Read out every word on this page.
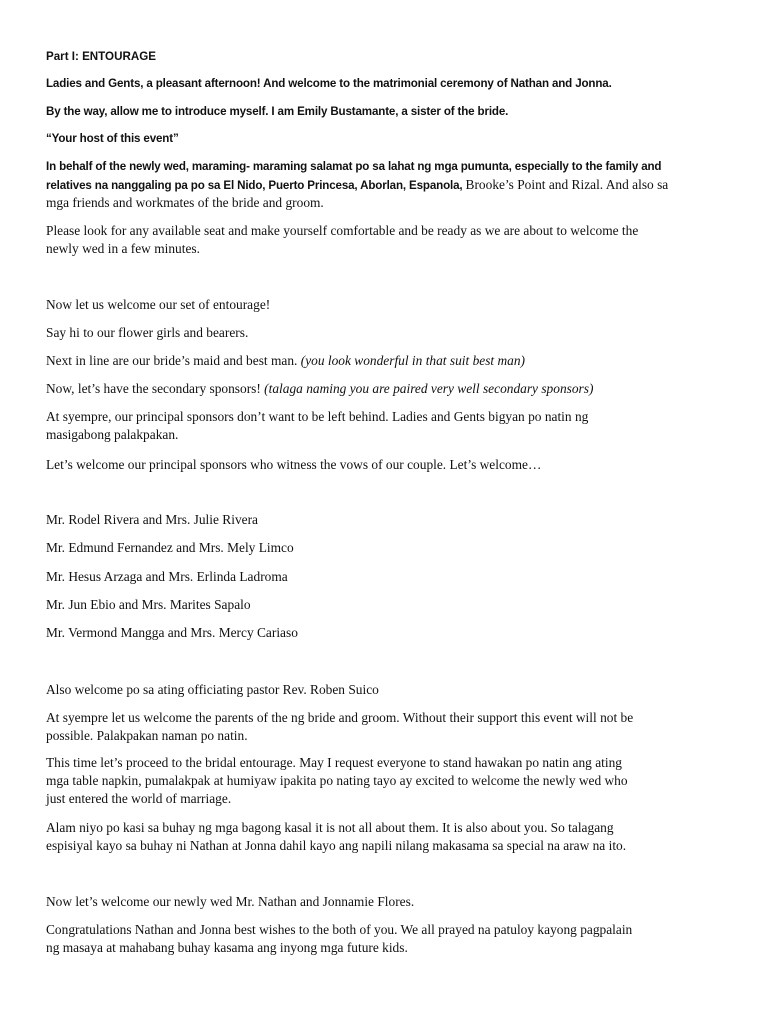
Part I: ENTOURAGE

Ladies and Gents, a pleasant afternoon! And welcome to the matrimonial ceremony of Nathan and Jonna.

By the way, allow me to introduce myself. I am Emily Bustamante, a sister of the bride.

“Your host of this event”

In behalf of the newly wed, maraming- maraming salamat po sa lahat ng mga pumunta, especially to the family and

relatives na nanggaling pa po sa El Nido, Puerto Princesa, Aborlan, Espanola, Brooke’s Point and Rizal. And also sa

mga friends and workmates of the bride and groom.

Please look for any available seat and make yourself comfortable and be ready as we are about to welcome the

newly wed in a few minutes.

Now let us welcome our set of entourage!

Say hi to our flower girls and bearers.

Next in line are our bride’s maid and best man. (you look wonderful in that suit best man)

Now, let’s have the secondary sponsors! (talaga naming you are paired very well secondary sponsors)

At syempre, our principal sponsors don’t want to be left behind. Ladies and Gents bigyan po natin ng

masigabong palakpakan.

Let’s welcome our principal sponsors who witness the vows of our couple. Let’s welcome…

Mr. Rodel Rivera and Mrs. Julie Rivera

Mr. Edmund Fernandez and Mrs. Mely Limco

Mr. Hesus Arzaga and Mrs. Erlinda Ladroma

Mr. Jun Ebio and Mrs. Marites Sapalo

Mr. Vermond Mangga and Mrs. Mercy Cariaso

Also welcome po sa ating officiating pastor Rev. Roben Suico

At syempre let us welcome the parents of the ng bride and groom. Without their support this event will not be

possible. Palakpakan naman po natin.

This time let’s proceed to the bridal entourage. May I request everyone to stand hawakan po natin ang ating

mga table napkin, pumalakpak at humiyaw ipakita po nating tayo ay excited to welcome the newly wed who

just entered the world of marriage.

Alam niyo po kasi sa buhay ng mga bagong kasal it is not all about them. It is also about you. So talagang

espisiyal kayo sa buhay ni Nathan at Jonna dahil kayo ang napili nilang makasama sa special na araw na ito.

Now let’s welcome our newly wed Mr. Nathan and Jonnamie Flores.

Congratulations Nathan and Jonna best wishes to the both of you. We all prayed na patuloy kayong pagpalain

ng masaya at mahabang buhay kasama ang inyong mga future kids.
